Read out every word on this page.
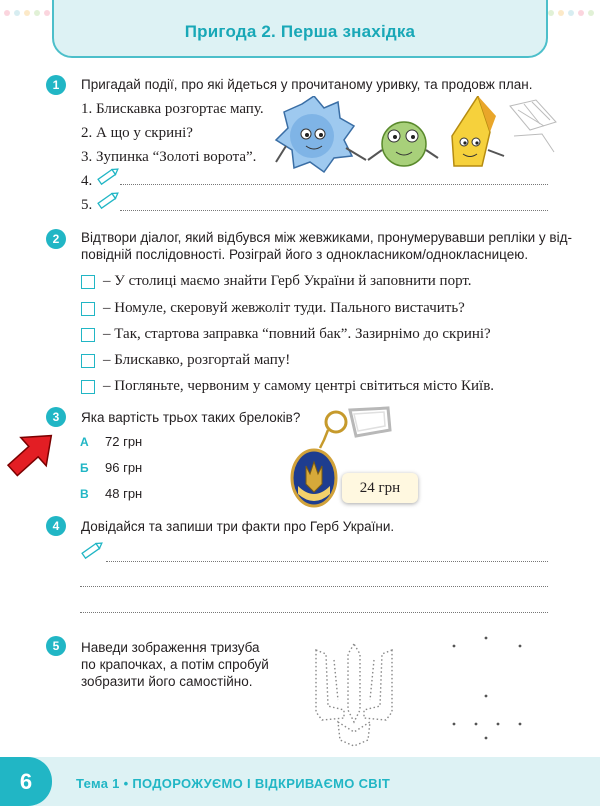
Пригода 2. Перша знахідка
1	Пригадай події, про які йдеться у прочитаному уривку, та продовж план.
1. Блискавка розгортає мапу.
2. А що у скрині?
3. Зупинка “Золоті ворота”.
4.
5.
2	Відтвори діалог, який відбувся між жевжиками, пронумерувавши репліки у від-
повідній послідовності. Розіграй його з однокласником/однокласницею.
– У столиці маємо знайти Герб України й заповнити порт.
– Номуле, скеровуй жевжоліт туди. Пального вистачить?
– Так, стартова заправка “повний бак”. Зазирнімо до скрині?
– Блискавко, розгортай мапу!
– Погляньте, червоним у самому центрі світиться місто Київ.
3	Яка вартість трьох таких брелоків?
А 72 грн
Б 96 грн
В 48 грн	24 грн
4	Довідайся та запиши три факти про Герб України.
5	Наведи зображення тризуба
по крапочках, а потім спробуй
зобразити його самостійно.
6	Тема 1 • ПОДОРОЖУЄМО І ВІДКРИВАЄМО СВІТ
